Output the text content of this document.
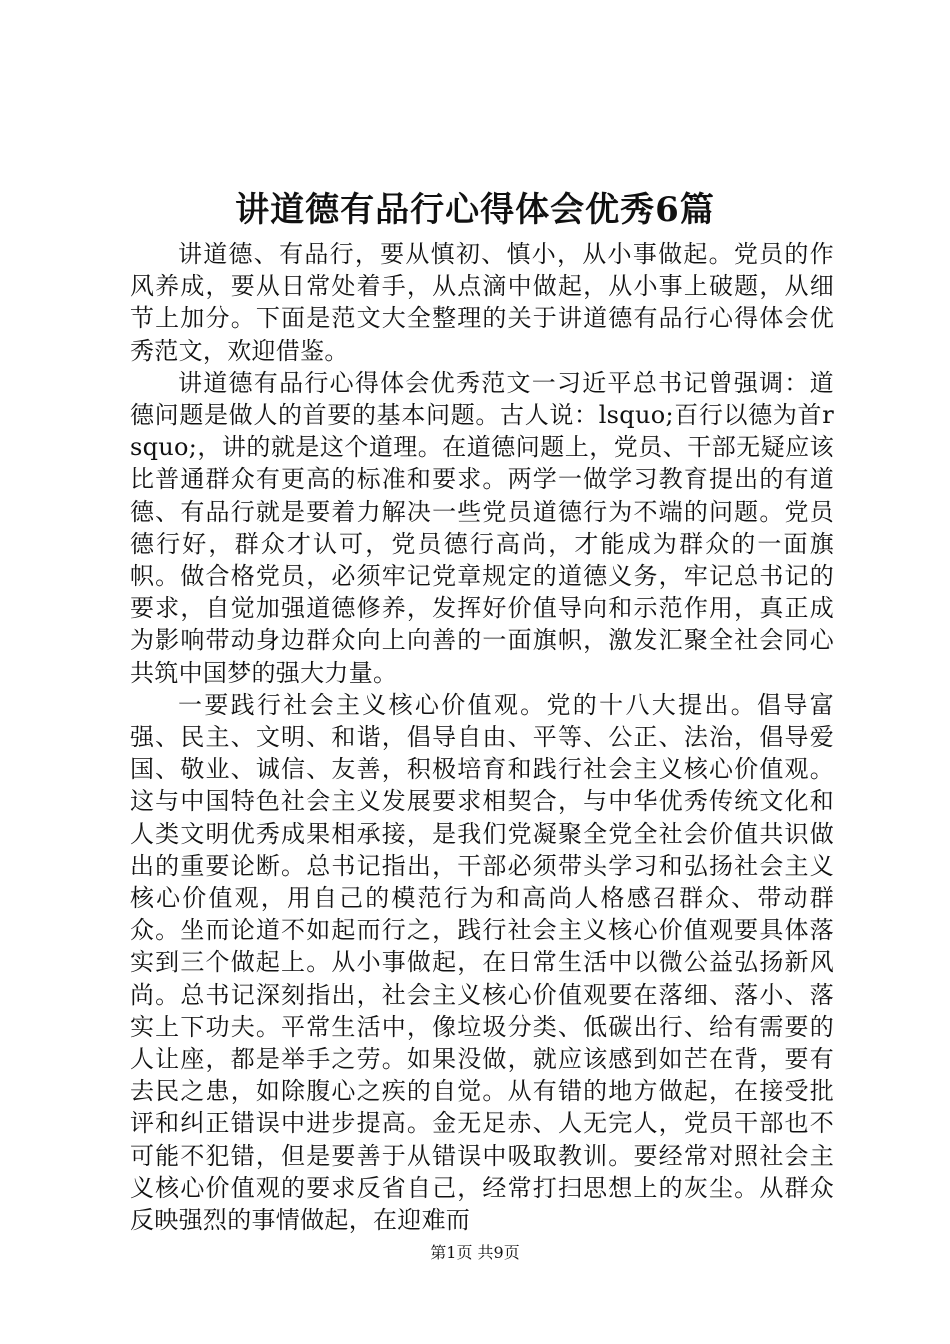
讲道德有品行心得体会优秀6篇

讲道德、有品行，要从慎初、慎小，从小事做起。党员的作风养成，要从日常处着手，从点滴中做起，从小事上破题，从细节上加分。下面是范文大全整理的关于讲道德有品行心得体会优秀范文，欢迎借鉴。

讲道德有品行心得体会优秀范文一习近平总书记曾强调：道德问题是做人的首要的基本问题。古人说：lsquo;百行以德为首rsquo;，讲的就是这个道理。在道德问题上，党员、干部无疑应该比普通群众有更高的标准和要求。两学一做学习教育提出的有道德、有品行就是要着力解决一些党员道德行为不端的问题。党员德行好，群众才认可，党员德行高尚，才能成为群众的一面旗帜。做合格党员，必须牢记党章规定的道德义务，牢记总书记的要求，自觉加强道德修养，发挥好价值导向和示范作用，真正成为影响带动身边群众向上向善的一面旗帜，激发汇聚全社会同心共筑中国梦的强大力量。

一要践行社会主义核心价值观。党的十八大提出。倡导富强、民主、文明、和谐，倡导自由、平等、公正、法治，倡导爱国、敬业、诚信、友善，积极培育和践行社会主义核心价值观。这与中国特色社会主义发展要求相契合，与中华优秀传统文化和人类文明优秀成果相承接，是我们党凝聚全党全社会价值共识做出的重要论断。总书记指出，干部必须带头学习和弘扬社会主义核心价值观，用自己的模范行为和高尚人格感召群众、带动群众。坐而论道不如起而行之，践行社会主义核心价值观要具体落实到三个做起上。从小事做起，在日常生活中以微公益弘扬新风尚。总书记深刻指出，社会主义核心价值观要在落细、落小、落实上下功夫。平常生活中，像垃圾分类、低碳出行、给有需要的人让座，都是举手之劳。如果没做，就应该感到如芒在背，要有去民之患，如除腹心之疾的自觉。从有错的地方做起，在接受批评和纠正错误中进步提高。金无足赤、人无完人，党员干部也不可能不犯错，但是要善于从错误中吸取教训。要经常对照社会主义核心价值观的要求反省自己，经常打扫思想上的灰尘。从群众反映强烈的事情做起，在迎难而

第1页 共9页
